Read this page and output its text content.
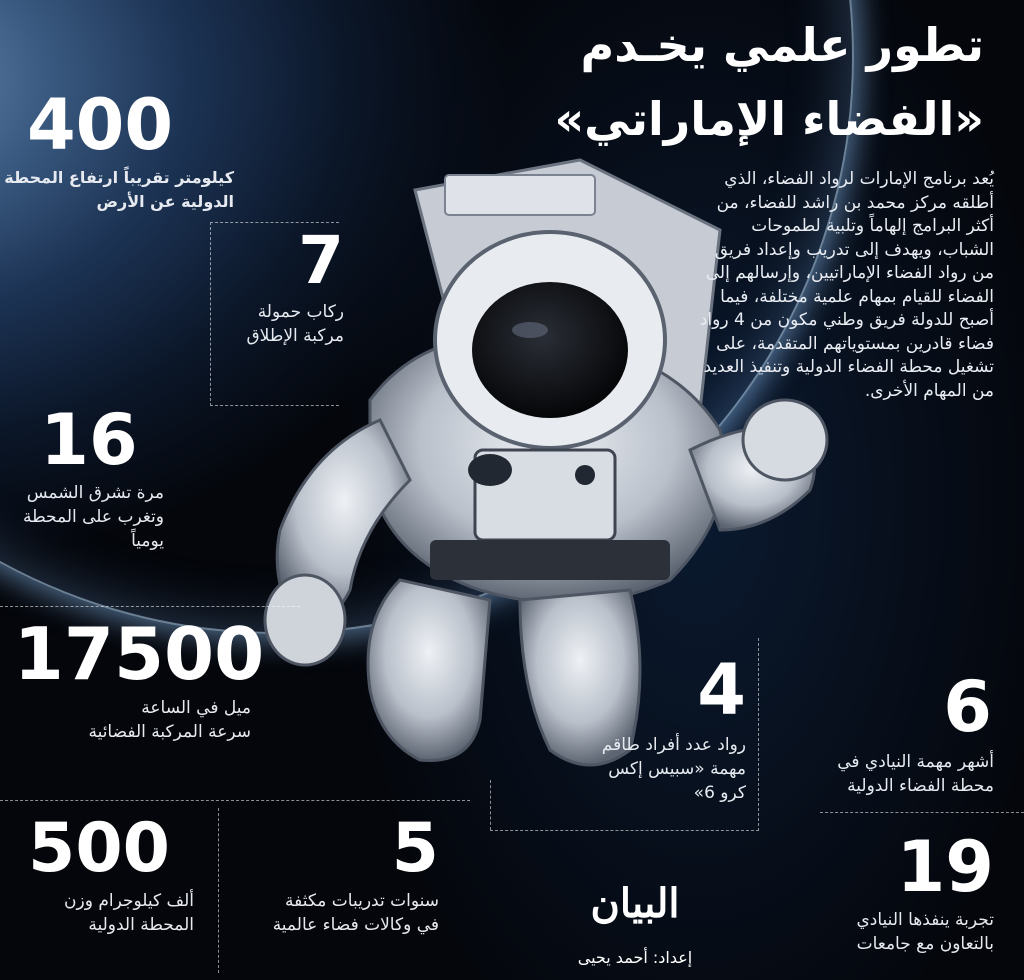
تطور علمي يخـدم
«الفضاء الإماراتي»
يُعد برنامج الإمارات لرواد الفضاء، الذي أطلقه مركز محمد بن راشد للفضاء، من أكثر البرامج إلهاماً وتلبية لطموحات الشباب، ويهدف إلى تدريب وإعداد فريق من رواد الفضاء الإماراتيين، وإرسالهم إلى الفضاء للقيام بمهام علمية مختلفة، فيما أصبح للدولة فريق وطني مكون من 4 رواد فضاء قادرين بمستوياتهم المتقدمة، على تشغيل محطة الفضاء الدولية وتنفيذ العديد من المهام الأخرى.
400
كيلومتر تقريباً ارتفاع المحطة
الدولية عن الأرض
7
ركاب حمولة
مركبة الإطلاق
16
مرة تشرق الشمس
وتغرب على المحطة
يومياً
17500
ميل في الساعة
سرعة المركبة الفضائية
500
ألف كيلوجرام وزن
المحطة الدولية
5
سنوات تدريبات مكثفة
في وكالات فضاء عالمية
4
رواد عدد أفراد طاقم
مهمة «سبيس إكس
كرو 6»
6
أشهر مهمة النيادي في
محطة الفضاء الدولية
19
تجربة ينفذها النيادي
بالتعاون مع جامعات
البيان
إعداد: أحمد يحيى
